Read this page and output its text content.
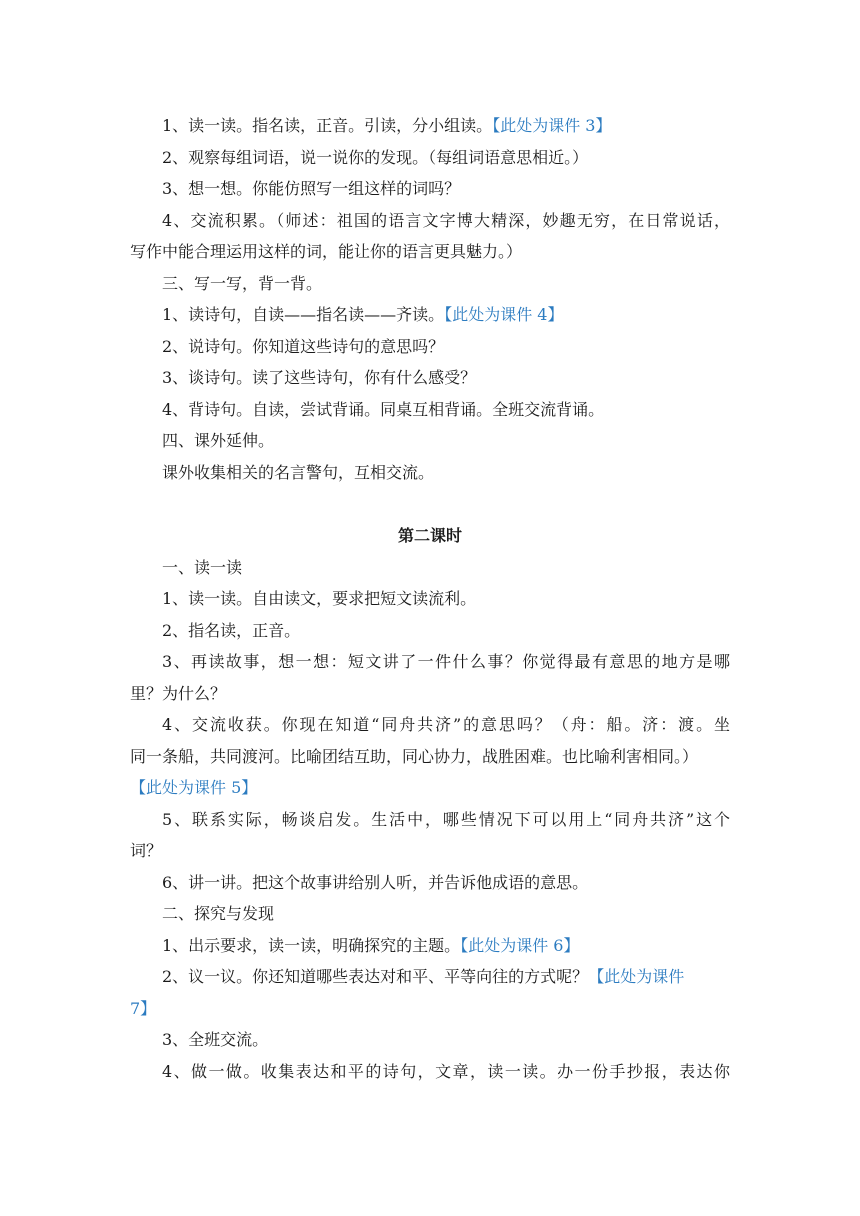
1、读一读。指名读，正音。引读，分小组读。【此处为课件 3】

2、观察每组词语，说一说你的发现。（每组词语意思相近。）

3、想一想。你能仿照写一组这样的词吗？

4、交流积累。（师述：祖国的语言文字博大精深，妙趣无穷，在日常说话，

写作中能合理运用这样的词，能让你的语言更具魅力。）

三、写一写，背一背。

1、读诗句，自读——指名读——齐读。【此处为课件 4】

2、说诗句。你知道这些诗句的意思吗？

3、谈诗句。读了这些诗句，你有什么感受？

4、背诗句。自读，尝试背诵。同桌互相背诵。全班交流背诵。

四、课外延伸。

课外收集相关的名言警句，互相交流。

第二课时

一、读一读

1、读一读。自由读文，要求把短文读流利。

2、指名读，正音。

3、再读故事，想一想：短文讲了一件什么事？你觉得最有意思的地方是哪

里？为什么？

4、交流收获。你现在知道“同舟共济”的意思吗？（舟：船。济：渡。坐

同一条船，共同渡河。比喻团结互助，同心协力，战胜困难。也比喻利害相同。）

【此处为课件 5】

5、联系实际，畅谈启发。生活中，哪些情况下可以用上“同舟共济”这个

词？

6、讲一讲。把这个故事讲给别人听，并告诉他成语的意思。

二、探究与发现

1、出示要求，读一读，明确探究的主题。【此处为课件 6】

2、议一议。你还知道哪些表达对和平、平等向往的方式呢？【此处为课件

7】

3、全班交流。

4、做一做。收集表达和平的诗句，文章，读一读。办一份手抄报，表达你
